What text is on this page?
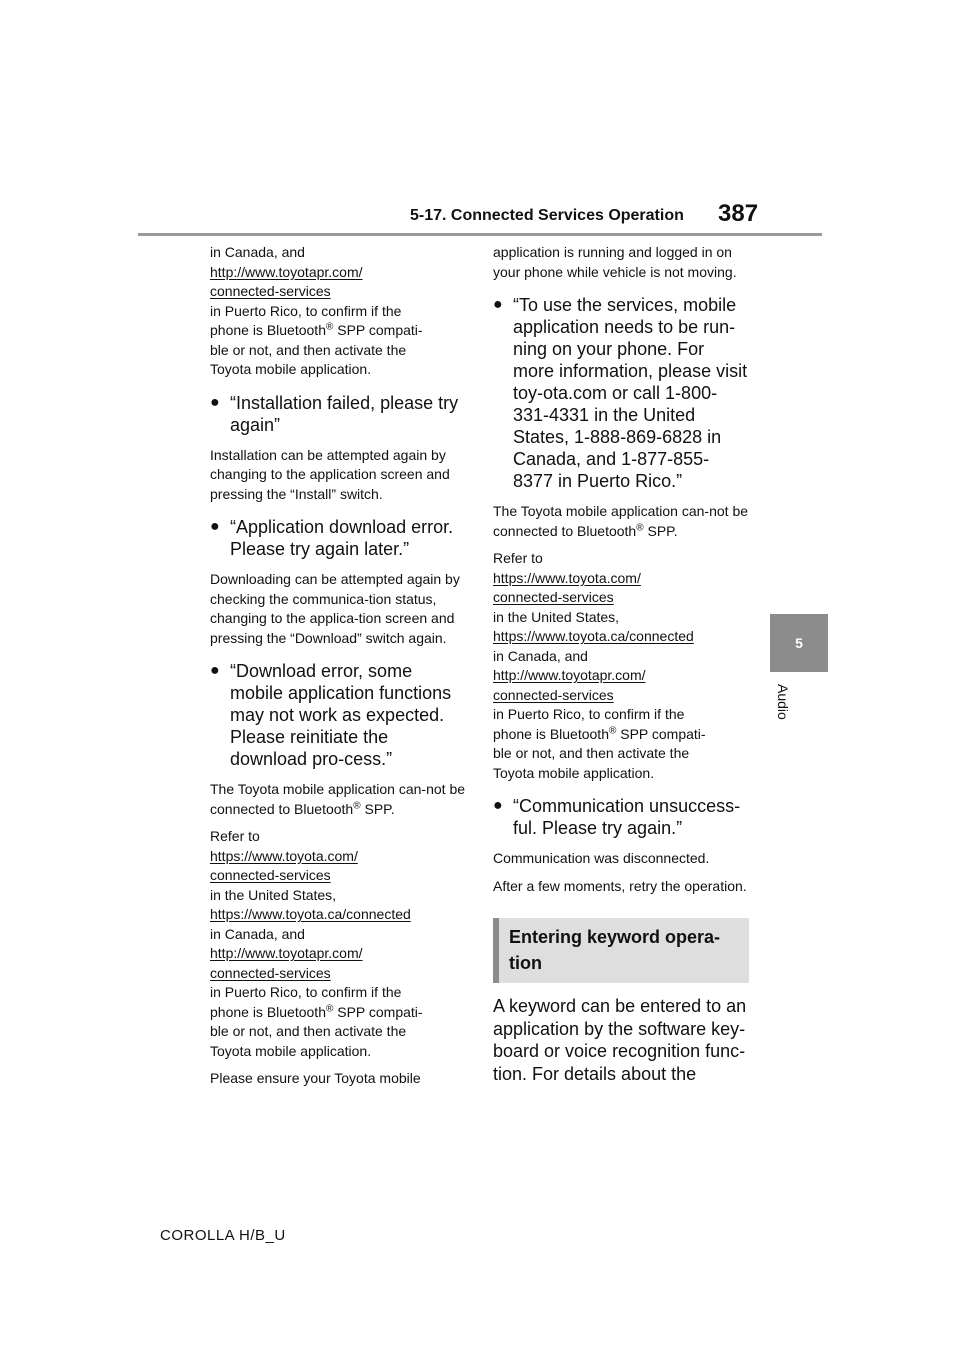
5-17. Connected Services Operation 387
5
Audio

in Canada, and

http://www.toyotapr.com/

connected-services

in Puerto Rico, to confirm if the

phone is Bluetooth® SPP compati-

ble or not, and then activate the

Toyota mobile application.

● “Installation failed, please try again”

Installation can be attempted again by changing to the application screen and pressing the “Install” switch.

● “Application download error. Please try again later.”

Downloading can be attempted again by checking the communica-tion status, changing to the applica-tion screen and pressing the “Download” switch again.

● “Download error, some mobile application functions may not work as expected. Please reinitiate the download pro-cess.”

The Toyota mobile application can-not be connected to Bluetooth® SPP.

Refer to

https://www.toyota.com/

connected-services

in the United States,

https://www.toyota.ca/connected

in Canada, and

http://www.toyotapr.com/

connected-services

in Puerto Rico, to confirm if the

phone is Bluetooth® SPP compati-

ble or not, and then activate the

Toyota mobile application.

Please ensure your Toyota mobile

application is running and logged in on your phone while vehicle is not moving.

● “To use the services, mobile application needs to be run-ning on your phone. For more information, please visit toy-ota.com or call 1-800-331-4331 in the United States, 1-888-869-6828 in Canada, and 1-877-855-8377 in Puerto Rico.”

The Toyota mobile application can-not be connected to Bluetooth® SPP.

Refer to

https://www.toyota.com/

connected-services

in the United States,

https://www.toyota.ca/connected

in Canada, and

http://www.toyotapr.com/

connected-services

in Puerto Rico, to confirm if the

phone is Bluetooth® SPP compati-

ble or not, and then activate the

Toyota mobile application.

● “Communication unsuccess-ful. Please try again.”

Communication was disconnected.

After a few moments, retry the operation.

Entering keyword opera-tion

A keyword can be entered to an application by the software key-board or voice recognition func-tion. For details about the

COROLLA H/B_U
